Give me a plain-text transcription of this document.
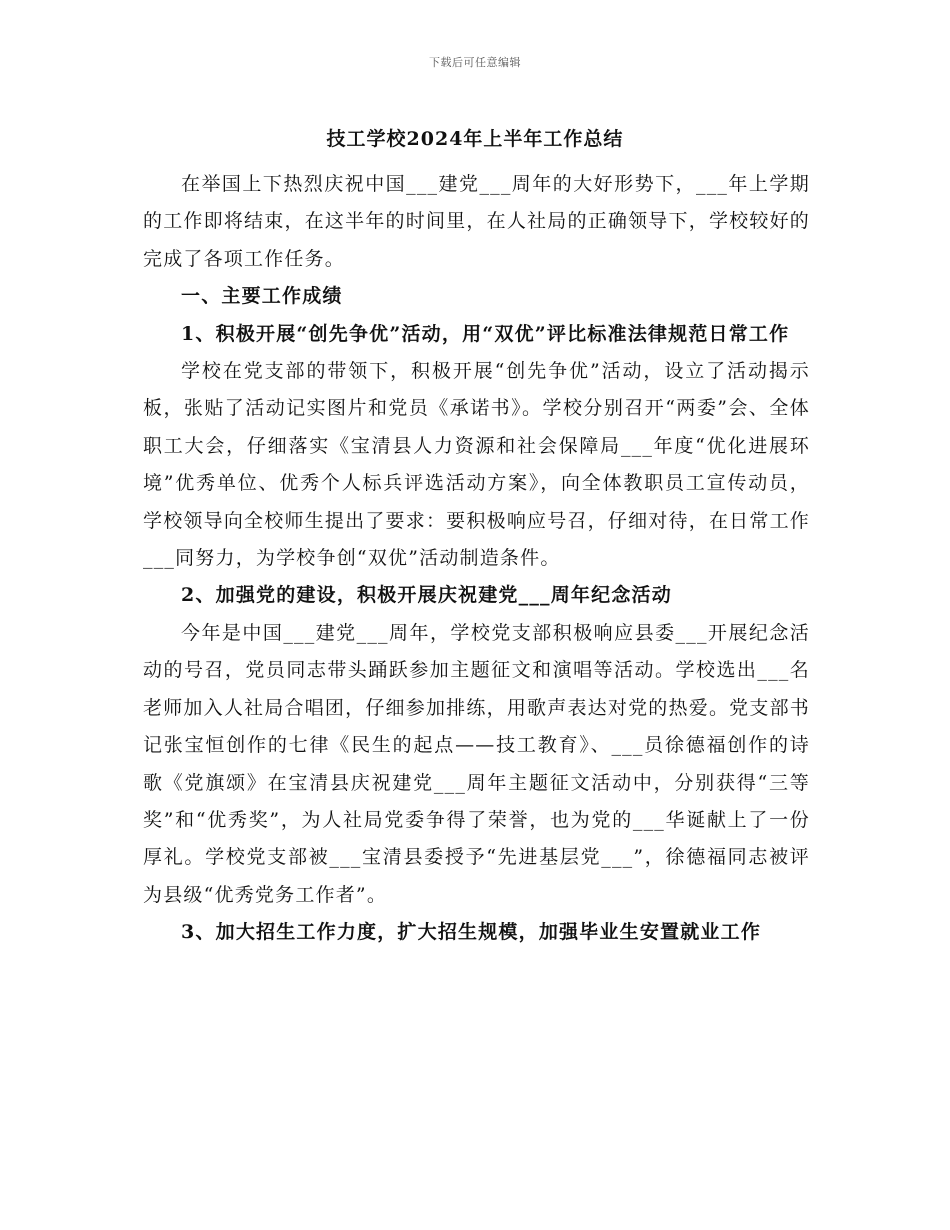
下载后可任意编辑
技工学校2024年上半年工作总结

在举国上下热烈庆祝中国___建党___周年的大好形势下，___年上学期的工作即将结束，在这半年的时间里，在人社局的正确领导下，学校较好的完成了各项工作任务。

一、主要工作成绩

1、积极开展“创先争优”活动，用“双优”评比标准法律规范日常工作

学校在党支部的带领下，积极开展“创先争优”活动，设立了活动揭示板，张贴了活动记实图片和党员《承诺书》。学校分别召开“两委”会、全体职工大会，仔细落实《宝清县人力资源和社会保障局___年度“优化进展环境”优秀单位、优秀个人标兵评选活动方案》，向全体教职员工宣传动员，学校领导向全校师生提出了要求：要积极响应号召，仔细对待，在日常工作___同努力，为学校争创“双优”活动制造条件。

2、加强党的建设，积极开展庆祝建党___周年纪念活动

今年是中国___建党___周年，学校党支部积极响应县委___开展纪念活动的号召，党员同志带头踊跃参加主题征文和演唱等活动。学校选出___名老师加入人社局合唱团，仔细参加排练，用歌声表达对党的热爱。党支部书记张宝恒创作的七律《民生的起点——技工教育》、___员徐德福创作的诗歌《党旗颂》在宝清县庆祝建党___周年主题征文活动中，分别获得“三等奖”和“优秀奖”，为人社局党委争得了荣誉，也为党的___华诞献上了一份厚礼。学校党支部被___宝清县委授予“先进基层党___”，徐德福同志被评为县级“优秀党务工作者”。

3、加大招生工作力度，扩大招生规模，加强毕业生安置就业工作
